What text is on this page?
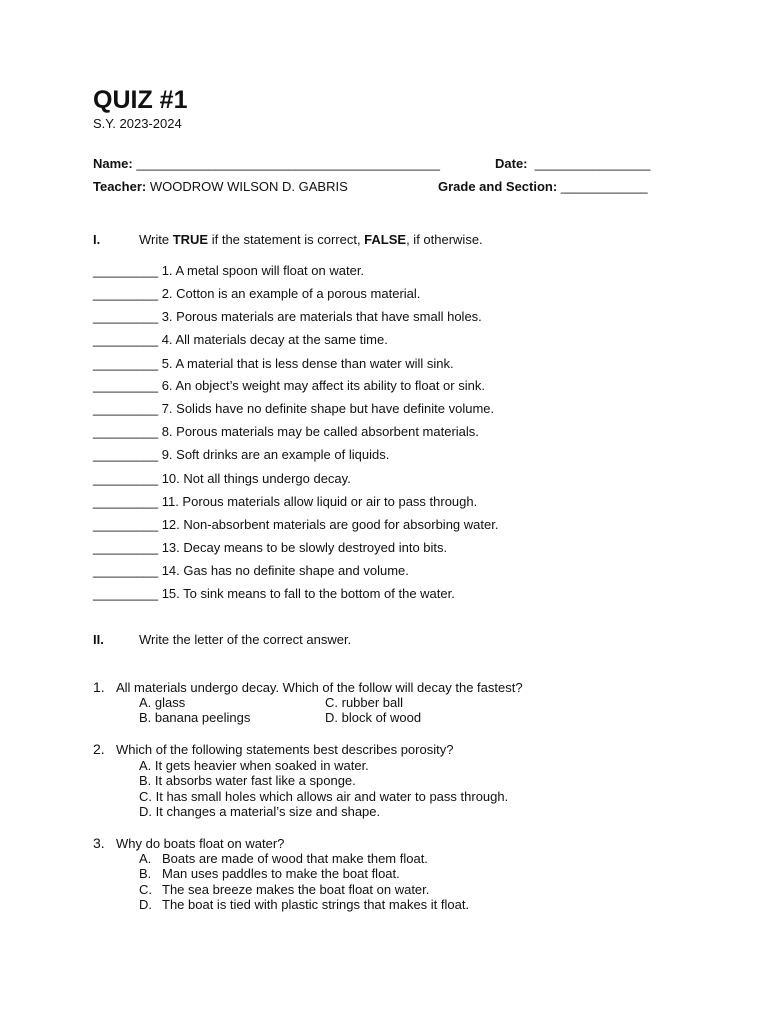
QUIZ #1
S.Y. 2023-2024
Name: __________________________________________	Date: ________________
Teacher: WOODROW WILSON D. GABRIS	Grade and Section: ____________
I.	Write TRUE if the statement is correct, FALSE, if otherwise.
_________ 1. A metal spoon will float on water.
_________ 2. Cotton is an example of a porous material.
_________ 3. Porous materials are materials that have small holes.
_________ 4. All materials decay at the same time.
_________ 5. A material that is less dense than water will sink.
_________ 6. An object’s weight may affect its ability to float or sink.
_________ 7. Solids have no definite shape but have definite volume.
_________ 8. Porous materials may be called absorbent materials.
_________ 9. Soft drinks are an example of liquids.
_________ 10. Not all things undergo decay.
_________ 11. Porous materials allow liquid or air to pass through.
_________ 12. Non-absorbent materials are good for absorbing water.
_________ 13. Decay means to be slowly destroyed into bits.
_________ 14. Gas has no definite shape and volume.
_________ 15. To sink means to fall to the bottom of the water.
II.	Write the letter of the correct answer.
1. All materials undergo decay. Which of the follow will decay the fastest?
A. glass	C. rubber ball
B. banana peelings	D. block of wood
2. Which of the following statements best describes porosity?
A. It gets heavier when soaked in water.
B. It absorbs water fast like a sponge.
C. It has small holes which allows air and water to pass through.
D. It changes a material’s size and shape.
3. Why do boats float on water?
A. Boats are made of wood that make them float.
B. Man uses paddles to make the boat float.
C. The sea breeze makes the boat float on water.
D. The boat is tied with plastic strings that makes it float.
